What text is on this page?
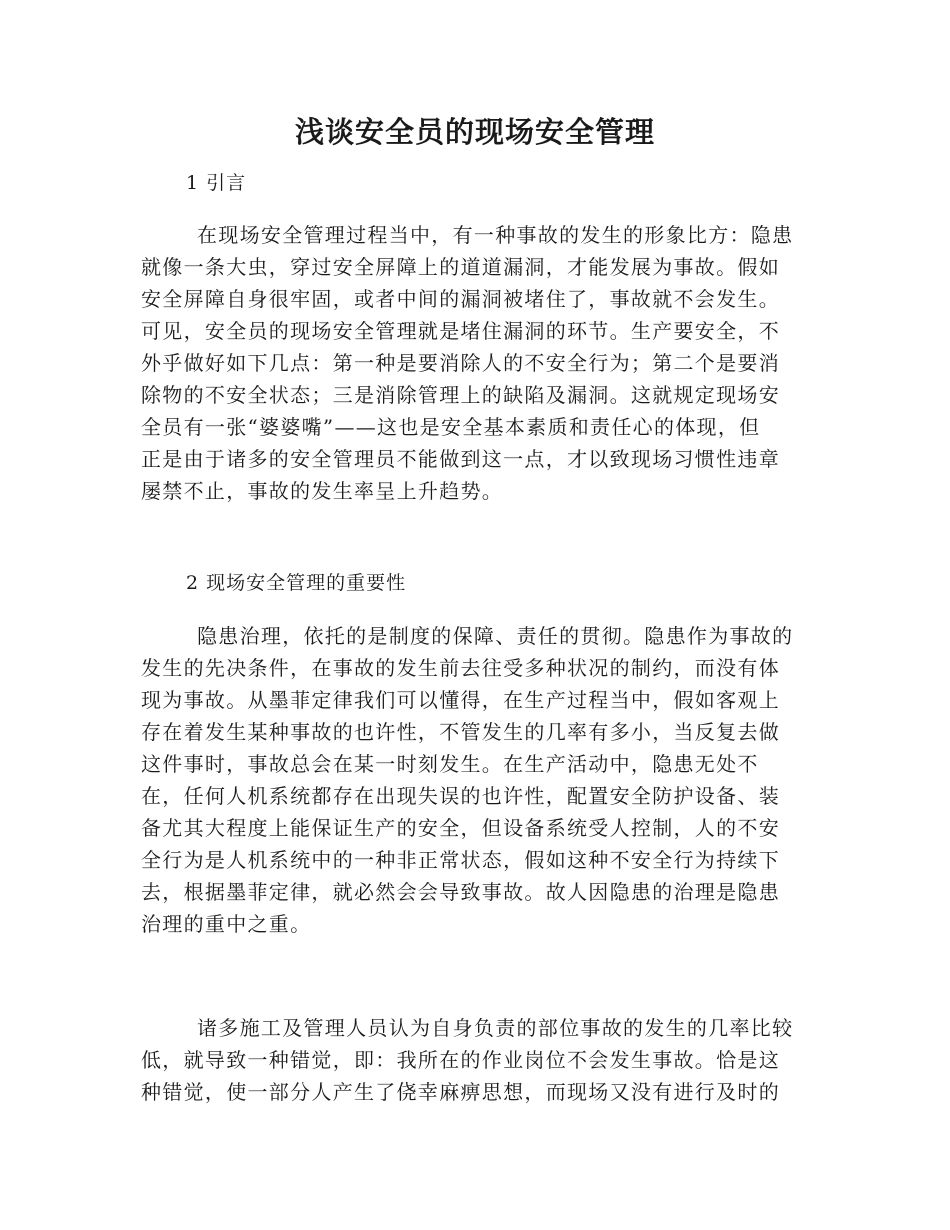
浅谈安全员的现场安全管理
1 引言
在现场安全管理过程当中，有一种事故的发生的形象比方：隐患
就像一条大虫，穿过安全屏障上的道道漏洞，才能发展为事故。假如
安全屏障自身很牢固，或者中间的漏洞被堵住了，事故就不会发生。
可见，安全员的现场安全管理就是堵住漏洞的环节。生产要安全，不
外乎做好如下几点：第一种是要消除人的不安全行为；第二个是要消
除物的不安全状态；三是消除管理上的缺陷及漏洞。这就规定现场安
全员有一张“婆婆嘴”——这也是安全基本素质和责任心的体现，但
正是由于诸多的安全管理员不能做到这一点，才以致现场习惯性违章
屡禁不止，事故的发生率呈上升趋势。
2 现场安全管理的重要性
隐患治理，依托的是制度的保障、责任的贯彻。隐患作为事故的
发生的先决条件，在事故的发生前去往受多种状况的制约，而没有体
现为事故。从墨菲定律我们可以懂得，在生产过程当中，假如客观上
存在着发生某种事故的也许性，不管发生的几率有多小，当反复去做
这件事时，事故总会在某一时刻发生。在生产活动中，隐患无处不
在，任何人机系统都存在出现失误的也许性，配置安全防护设备、装
备尤其大程度上能保证生产的安全，但设备系统受人控制，人的不安
全行为是人机系统中的一种非正常状态，假如这种不安全行为持续下
去，根据墨菲定律，就必然会会导致事故。故人因隐患的治理是隐患
治理的重中之重。
诸多施工及管理人员认为自身负责的部位事故的发生的几率比较
低，就导致一种错觉，即：我所在的作业岗位不会发生事故。恰是这
种错觉，使一部分人产生了侥幸麻痹思想，而现场又没有进行及时的
